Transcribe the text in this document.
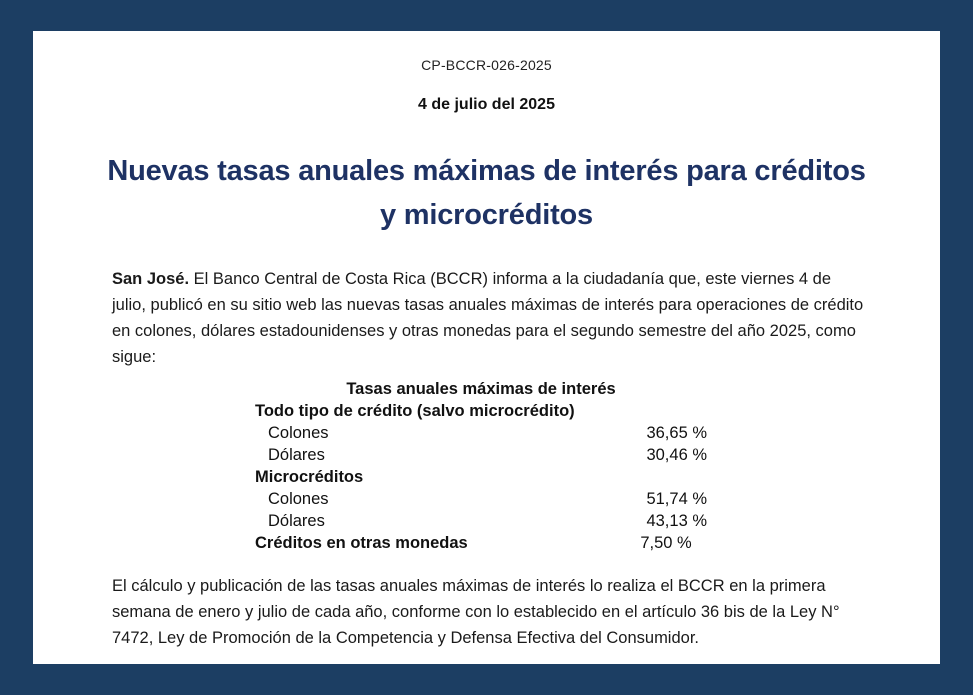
CP-BCCR-026-2025
4 de julio del 2025
Nuevas tasas anuales máximas de interés para créditos y microcréditos

San José. El Banco Central de Costa Rica (BCCR) informa a la ciudadanía que, este viernes 4 de julio, publicó en su sitio web las nuevas tasas anuales máximas de interés para operaciones de crédito en colones, dólares estadounidenses y otras monedas para el segundo semestre del año 2025, como sigue:

Tasas anuales máximas de interés
Todo tipo de crédito (salvo microcrédito)
Colones	36,65 %
Dólares	30,46 %
Microcréditos
Colones	51,74 %
Dólares	43,13 %
Créditos en otras monedas	7,50 %

El cálculo y publicación de las tasas anuales máximas de interés lo realiza el BCCR en la primera semana de enero y julio de cada año, conforme con lo establecido en el artículo 36 bis de la Ley N° 7472, Ley de Promoción de la Competencia y Defensa Efectiva del Consumidor.
